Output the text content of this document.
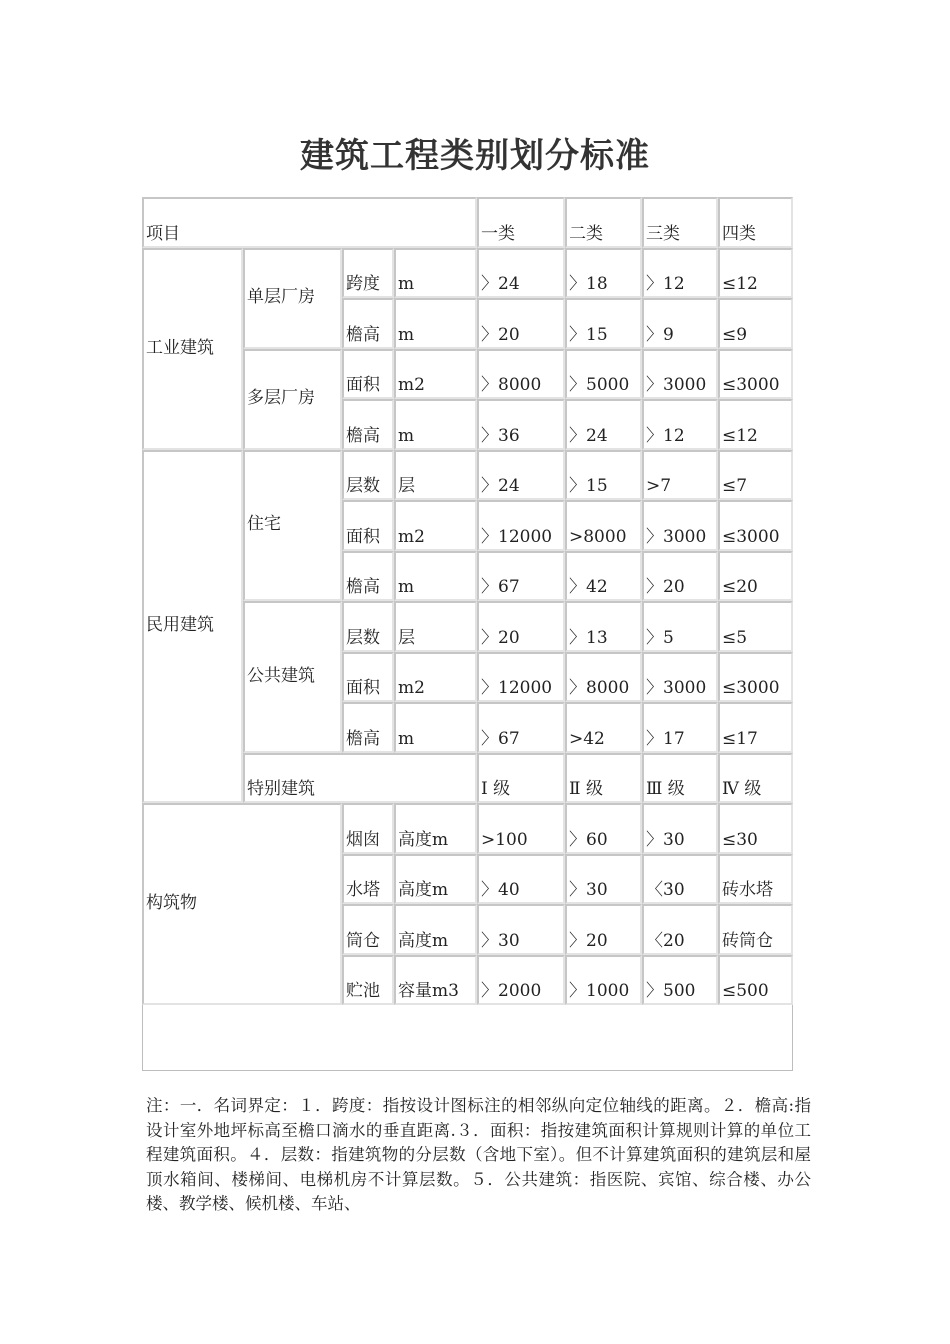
建筑工程类别划分标准
项目				一类	二类	三类	四类
工业建筑	单层厂房	跨度	m	〉24	〉18	〉12	≤12
		檐高	m	〉20	〉15	〉9	≤9
	多层厂房	面积	m2	〉8000	〉5000	〉3000	≤3000
		檐高	m	〉36	〉24	〉12	≤12
民用建筑	住宅	层数	层	〉24	〉15	>7	≤7
		面积	m2	〉12000	>8000	〉3000	≤3000
		檐高	m	〉67	〉42	〉20	≤20
	公共建筑	层数	层	〉20	〉13	〉5	≤5
		面积	m2	〉12000	〉8000	〉3000	≤3000
		檐高	m	〉67	>42	〉17	≤17
	特别建筑			Ⅰ 级	Ⅱ 级	Ⅲ 级	Ⅳ 级
构筑物		烟囱	高度m	>100	〉60	〉30	≤30
		水塔	高度m	〉40	〉30	〈30	砖水塔
		筒仓	高度m	〉30	〉20	〈20	砖筒仓
		贮池	容量m3	〉2000	〉1000	〉500	≤500

注：一．名词界定：１．跨度：指按设计图标注的相邻纵向定位轴线的距离。２．檐高:指设计室外地坪标高至檐口滴水的垂直距离.３．面积：指按建筑面积计算规则计算的单位工程建筑面积。４．层数：指建筑物的分层数（含地下室）。但不计算建筑面积的建筑层和屋顶水箱间、楼梯间、电梯机房不计算层数。５．公共建筑：指医院、宾馆、综合楼、办公楼、教学楼、候机楼、车站、
